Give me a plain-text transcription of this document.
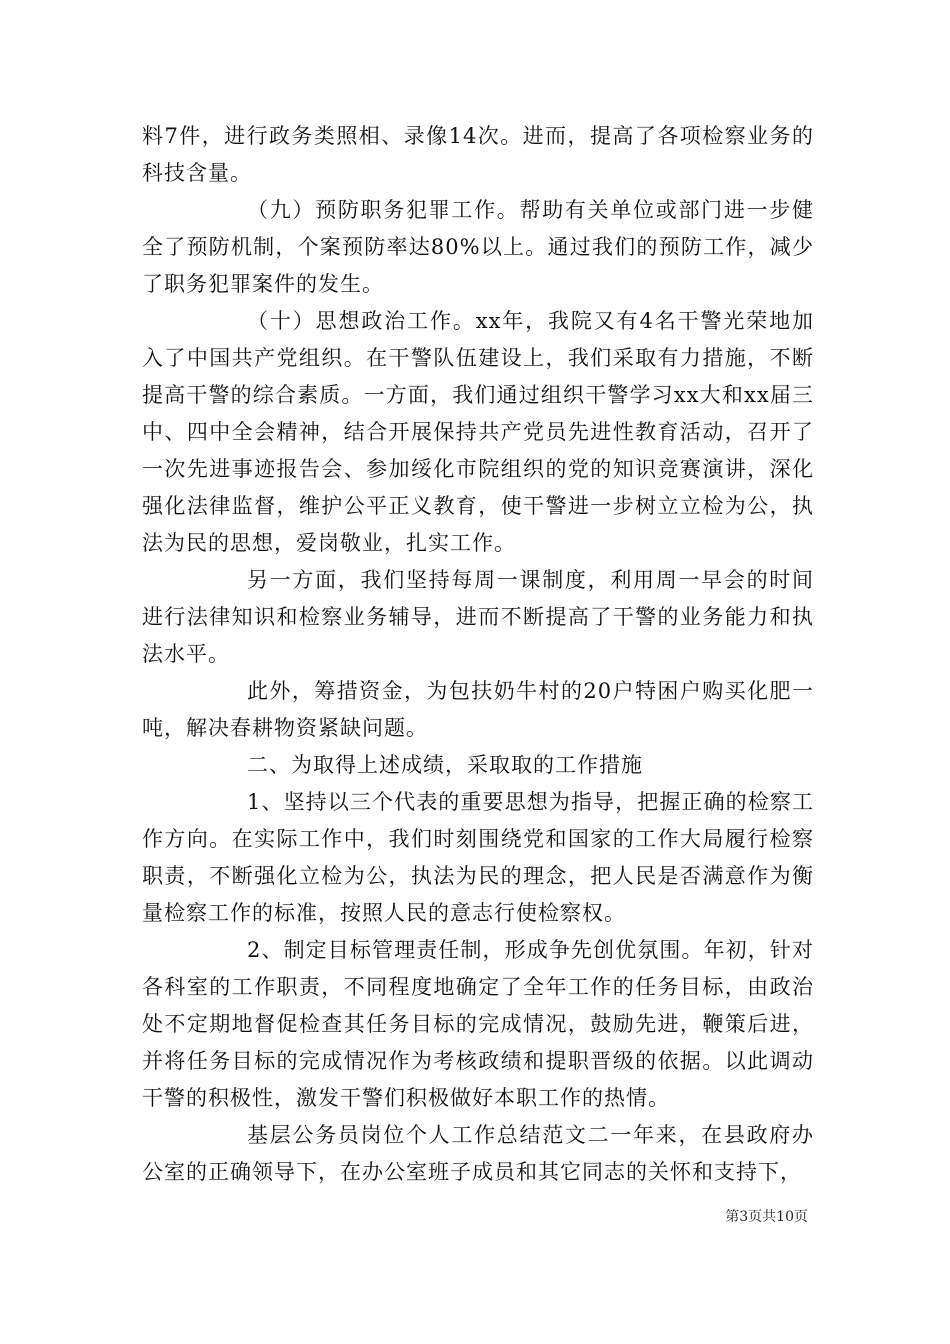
料7件，进行政务类照相、录像14次。进而，提高了各项检察业务的科技含量。

（九）预防职务犯罪工作。帮助有关单位或部门进一步健全了预防机制，个案预防率达80%以上。通过我们的预防工作，减少了职务犯罪案件的发生。

（十）思想政治工作。xx年，我院又有4名干警光荣地加入了中国共产党组织。在干警队伍建设上，我们采取有力措施，不断提高干警的综合素质。一方面，我们通过组织干警学习xx大和xx届三中、四中全会精神，结合开展保持共产党员先进性教育活动，召开了一次先进事迹报告会、参加绥化市院组织的党的知识竞赛演讲，深化强化法律监督，维护公平正义教育，使干警进一步树立立检为公，执法为民的思想，爱岗敬业，扎实工作。

另一方面，我们坚持每周一课制度，利用周一早会的时间进行法律知识和检察业务辅导，进而不断提高了干警的业务能力和执法水平。

此外，筹措资金，为包扶奶牛村的20户特困户购买化肥一吨，解决春耕物资紧缺问题。

二、为取得上述成绩，采取取的工作措施

1、坚持以三个代表的重要思想为指导，把握正确的检察工作方向。在实际工作中，我们时刻围绕党和国家的工作大局履行检察职责，不断强化立检为公，执法为民的理念，把人民是否满意作为衡量检察工作的标准，按照人民的意志行使检察权。

2、制定目标管理责任制，形成争先创优氛围。年初，针对各科室的工作职责，不同程度地确定了全年工作的任务目标，由政治处不定期地督促检查其任务目标的完成情况，鼓励先进，鞭策后进，并将任务目标的完成情况作为考核政绩和提职晋级的依据。以此调动干警的积极性，激发干警们积极做好本职工作的热情。

基层公务员岗位个人工作总结范文二一年来，在县政府办公室的正确领导下，在办公室班子成员和其它同志的关怀和支持下，

第3页共10页
